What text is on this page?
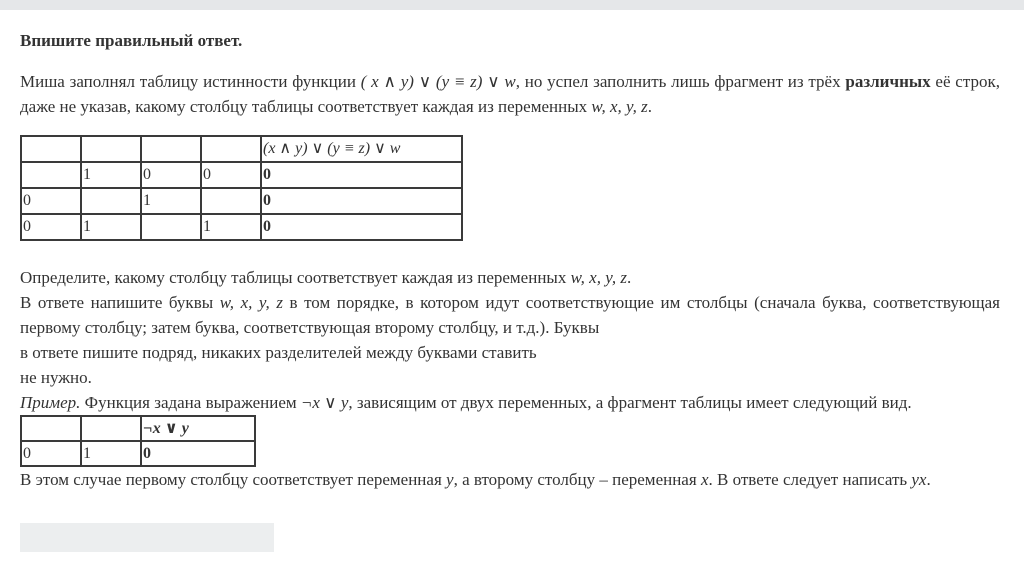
Впишите правильный ответ.

Миша заполнял таблицу истинности функции ( x ∧ y) ∨ (y ≡ z) ∨ w, но успел заполнить лишь фрагмент из трёх различных её строк, даже не указав, какому столбцу таблицы соответствует каждая из переменных w, x, y, z.

				(x ∧ y) ∨ (y ≡ z) ∨ w
	1	0	0	0
0		1		0
0	1		1	0

Определите, какому столбцу таблицы соответствует каждая из переменных w, x, y, z.

В ответе напишите буквы w, x, y, z в том порядке, в котором идут соответствующие им столбцы (сначала буква, соответствующая первому столбцу; затем буква, соответствующая второму столбцу, и т.д.). Буквы

в ответе пишите подряд, никаких разделителей между буквами ставить

не нужно.

Пример. Функция задана выражением ¬x ∨ y, зависящим от двух переменных, а фрагмент таблицы имеет следующий вид.

		¬x ∨ y
0	1	0

В этом случае первому столбцу соответствует переменная y, а второму столбцу – переменная x. В ответе следует написать yx.
